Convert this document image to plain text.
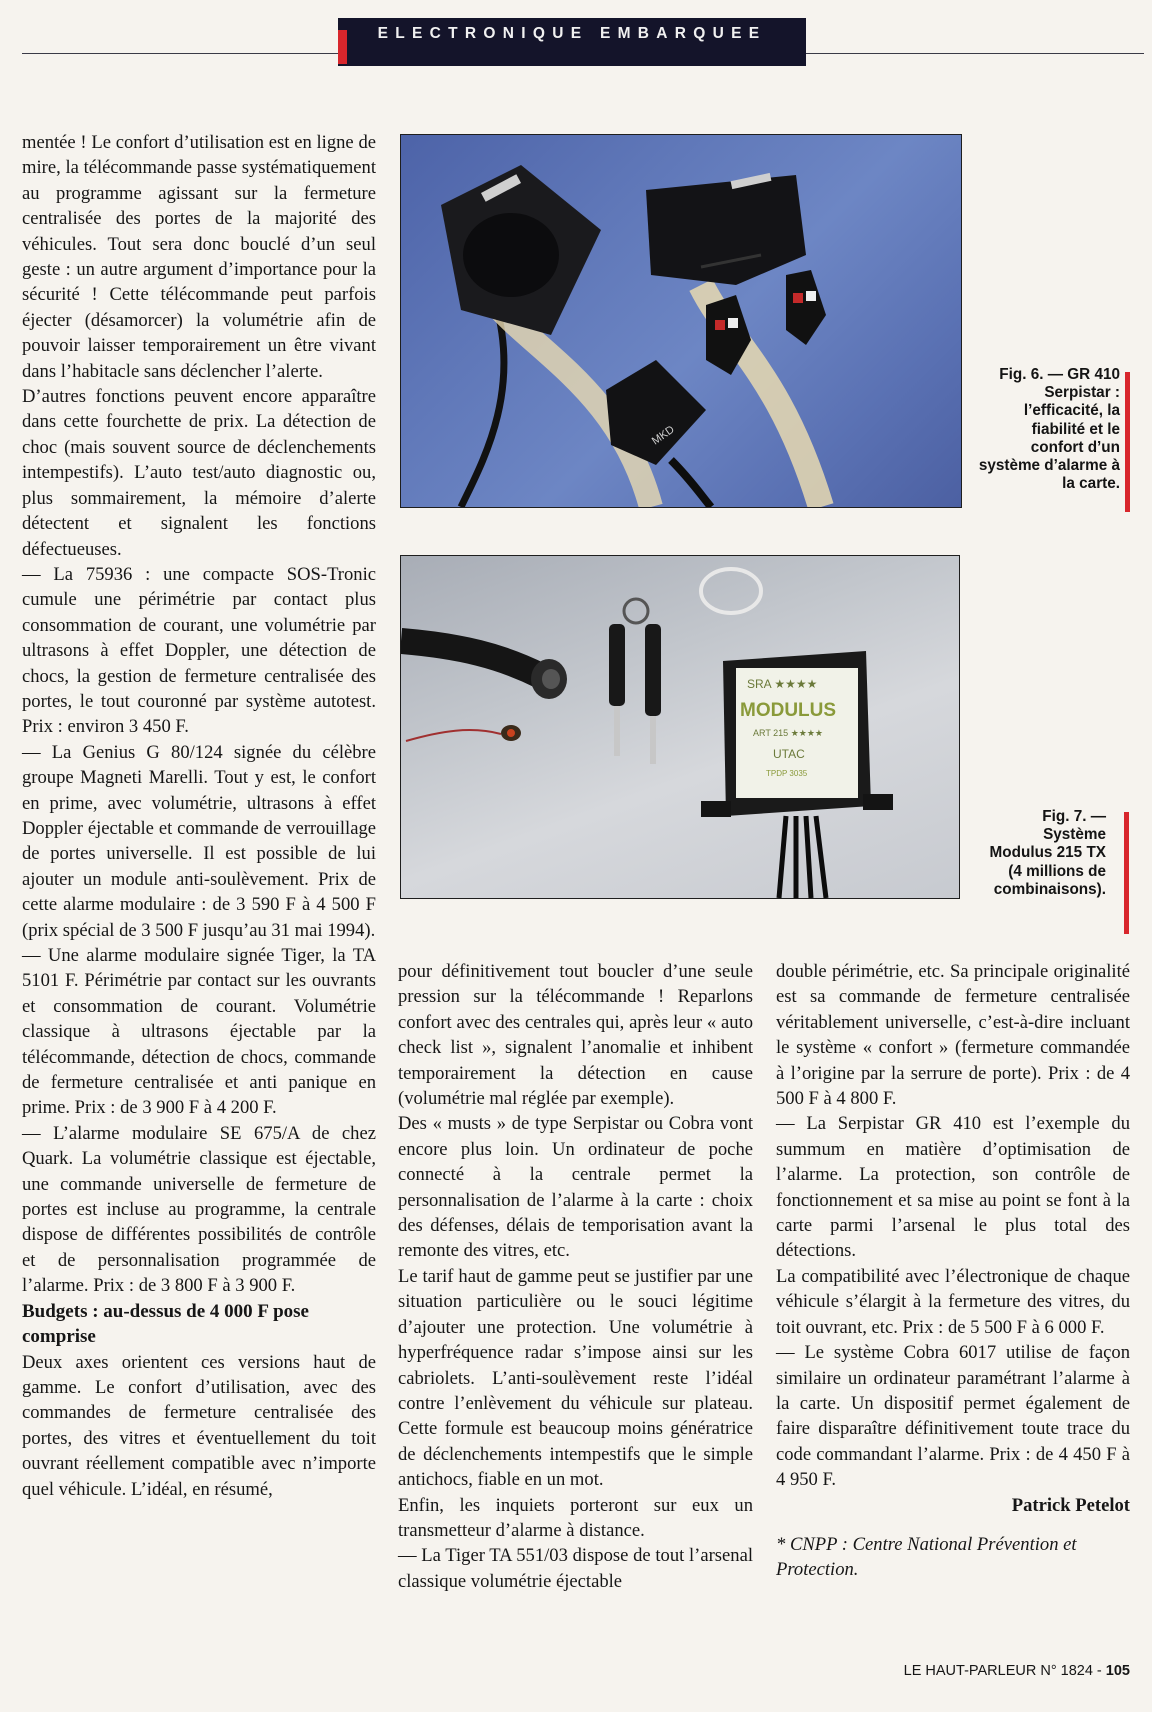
ELECTRONIQUE EMBARQUEE

mentée ! Le confort d’utilisation est en ligne de mire, la télécommande passe systématiquement au programme agissant sur la fermeture centralisée des portes de la majorité des véhicules. Tout sera donc bouclé d’un seul geste : un autre argument d’importance pour la sécurité ! Cette télécommande peut parfois éjecter (désamorcer) la volumétrie afin de pouvoir laisser temporairement un être vivant dans l’habitacle sans déclencher l’alerte.

D’autres fonctions peuvent encore apparaître dans cette fourchette de prix. La détection de choc (mais souvent source de déclenchements intempestifs). L’auto test/auto diagnostic ou, plus sommairement, la mémoire d’alerte détectent et signalent les fonctions défectueuses.

— La 75936 : une compacte SOS-Tronic cumule une périmétrie par contact plus consommation de courant, une volumétrie par ultrasons à effet Doppler, une détection de chocs, la gestion de fermeture centralisée des portes, le tout couronné par système autotest. Prix : environ 3 450 F.

— La Genius G 80/124 signée du célèbre groupe Magneti Marelli. Tout y est, le confort en prime, avec volumétrie, ultrasons à effet Doppler éjectable et commande de verrouillage de portes universelle. Il est possible de lui ajouter un module anti-soulèvement. Prix de cette alarme modulaire : de 3 590 F à 4 500 F (prix spécial de 3 500 F jusqu’au 31 mai 1994).

— Une alarme modulaire signée Tiger, la TA 5101 F. Périmétrie par contact sur les ouvrants et consommation de courant. Volumétrie classique à ultrasons éjectable par la télécommande, détection de chocs, commande de fermeture centralisée et anti panique en prime. Prix : de 3 900 F à 4 200 F.

— L’alarme modulaire SE 675/A de chez Quark. La volumétrie classique est éjectable, une commande universelle de fermeture de portes est incluse au programme, la centrale dispose de différentes possibilités de contrôle et de personnalisation programmée de l’alarme. Prix : de 3 800 F à 3 900 F.

Budgets : au-dessus de 4 000 F pose comprise

Deux axes orientent ces versions haut de gamme. Le confort d’utilisation, avec des commandes de fermeture centralisée des portes, des vitres et éventuellement du toit ouvrant réellement compatible avec n’importe quel véhicule. L’idéal, en résumé,

MKD
Fig. 6. — GR 410 Serpistar : l’efficacité, la fiabilité et le confort d’un système d’alarme à la carte.
SRA ★★★★
MODULUS
ART 215 ★★★★
UTAC
TPDP 3035
Fig. 7. — Système Modulus 215 TX (4 millions de combinaisons).

pour définitivement tout boucler d’une seule pression sur la télécommande ! Reparlons confort avec des centrales qui, après leur « auto check list », signalent l’anomalie et inhibent temporairement la détection en cause (volumétrie mal réglée par exemple).

Des « musts » de type Serpistar ou Cobra vont encore plus loin. Un ordinateur de poche connecté à la centrale permet la personnalisation de l’alarme à la carte : choix des défenses, délais de temporisation avant la remonte des vitres, etc.

Le tarif haut de gamme peut se justifier par une situation particulière ou le souci légitime d’ajouter une protection. Une volumétrie à hyperfréquence radar s’impose ainsi sur les cabriolets. L’anti-soulèvement reste l’idéal contre l’enlèvement du véhicule sur plateau. Cette formule est beaucoup moins génératrice de déclenchements intempestifs que le simple antichocs, fiable en un mot.

Enfin, les inquiets porteront sur eux un transmetteur d’alarme à distance.

— La Tiger TA 551/03 dispose de tout l’arsenal classique volumétrie éjectable

double périmétrie, etc. Sa principale originalité est sa commande de fermeture centralisée véritablement universelle, c’est-à-dire incluant le système « confort » (fermeture commandée à l’origine par la serrure de porte). Prix : de 4 500 F à 4 800 F.

— La Serpistar GR 410 est l’exemple du summum en matière d’optimisation de l’alarme. La protection, son contrôle de fonctionnement et sa mise au point se font à la carte parmi l’arsenal le plus total des détections.

La compatibilité avec l’électronique de chaque véhicule s’élargit à la fermeture des vitres, du toit ouvrant, etc. Prix : de 5 500 F à 6 000 F.

— Le système Cobra 6017 utilise de façon similaire un ordinateur paramétrant l’alarme à la carte. Un dispositif permet également de faire disparaître définitivement toute trace du code commandant l’alarme. Prix : de 4 450 F à 4 950 F.

Patrick Petelot

* CNPP : Centre National Prévention et Protection.

LE HAUT-PARLEUR N° 1824 - 105
